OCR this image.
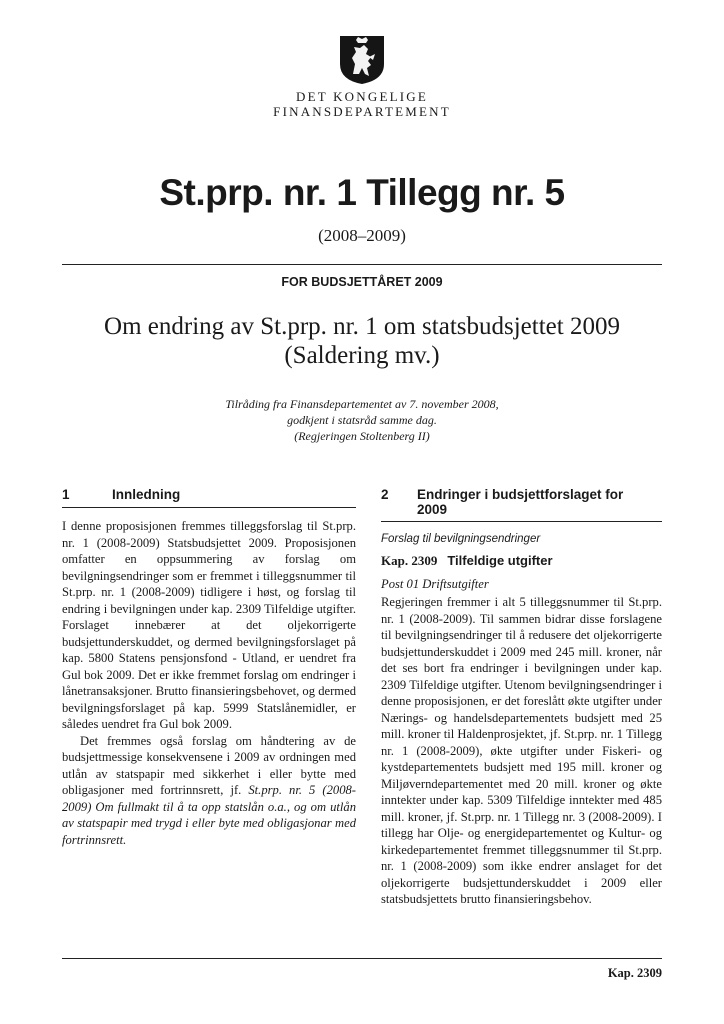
DET KONGELIGE
FINANSDEPARTEMENT
St.prp. nr. 1 Tillegg nr. 5
(2008–2009)
FOR BUDSJETTÅRET 2009
Om endring av St.prp. nr. 1 om statsbudsjettet 2009
(Saldering mv.)
Tilråding fra Finansdepartementet av 7. november 2008,
godkjent i statsråd samme dag.
(Regjeringen Stoltenberg II)
1	Innledning

I denne proposisjonen fremmes tilleggsforslag til St.prp. nr. 1 (2008-2009) Statsbudsjettet 2009. Proposisjonen omfatter en oppsummering av forslag om bevilgningsendringer som er fremmet i tilleggsnummer til St.prp. nr. 1 (2008-2009) tidligere i høst, og forslag til endring i bevilgningen under kap. 2309 Tilfeldige utgifter. Forslaget innebærer at det oljekorrigerte budsjettunderskuddet, og dermed bevilgningsforslaget på kap. 5800 Statens pensjonsfond - Utland, er uendret fra Gul bok 2009. Det er ikke fremmet forslag om endringer i lånetransaksjoner. Brutto finansieringsbehovet, og dermed bevilgningsforslaget på kap. 5999 Statslånemidler, er således uendret fra Gul bok 2009.

Det fremmes også forslag om håndtering av de budsjettmessige konsekvensene i 2009 av ordningen med utlån av statspapir med sikkerhet i eller bytte med obligasjoner med fortrinnsrett, jf. St.prp. nr. 5 (2008-2009) Om fullmakt til å ta opp statslån o.a., og om utlån av statspapir med trygd i eller byte med obligasjonar med fortrinnsrett.

2 Endringer i budsjettforslaget for
2009
Forslag til bevilgningsendringer
Kap. 2309 Tilfeldige utgifter
Post 01 Driftsutgifter

Regjeringen fremmer i alt 5 tilleggsnummer til St.prp. nr. 1 (2008-2009). Til sammen bidrar disse forslagene til bevilgningsendringer til å redusere det oljekorrigerte budsjettunderskuddet i 2009 med 245 mill. kroner, når det ses bort fra endringer i bevilgningen under kap. 2309 Tilfeldige utgifter. Utenom bevilgningsendringer i denne proposisjonen, er det foreslått økte utgifter under Nærings- og handelsdepartementets budsjett med 25 mill. kroner til Haldenprosjektet, jf. St.prp. nr. 1 Tillegg nr. 1 (2008-2009), økte utgifter under Fiskeri- og kystdepartementets budsjett med 195 mill. kroner og Miljøverndepartementet med 20 mill. kroner og økte inntekter under kap. 5309 Tilfeldige inntekter med 485 mill. kroner, jf. St.prp. nr. 1 Tillegg nr. 3 (2008-2009). I tillegg har Olje- og energidepartementet og Kultur- og kirkedepartementet fremmet tilleggsnummer til St.prp. nr. 1 (2008-2009) som ikke endrer anslaget for det oljekorrigerte budsjettunderskuddet i 2009 eller statsbudsjettets brutto finansieringsbehov.

Kap. 2309
